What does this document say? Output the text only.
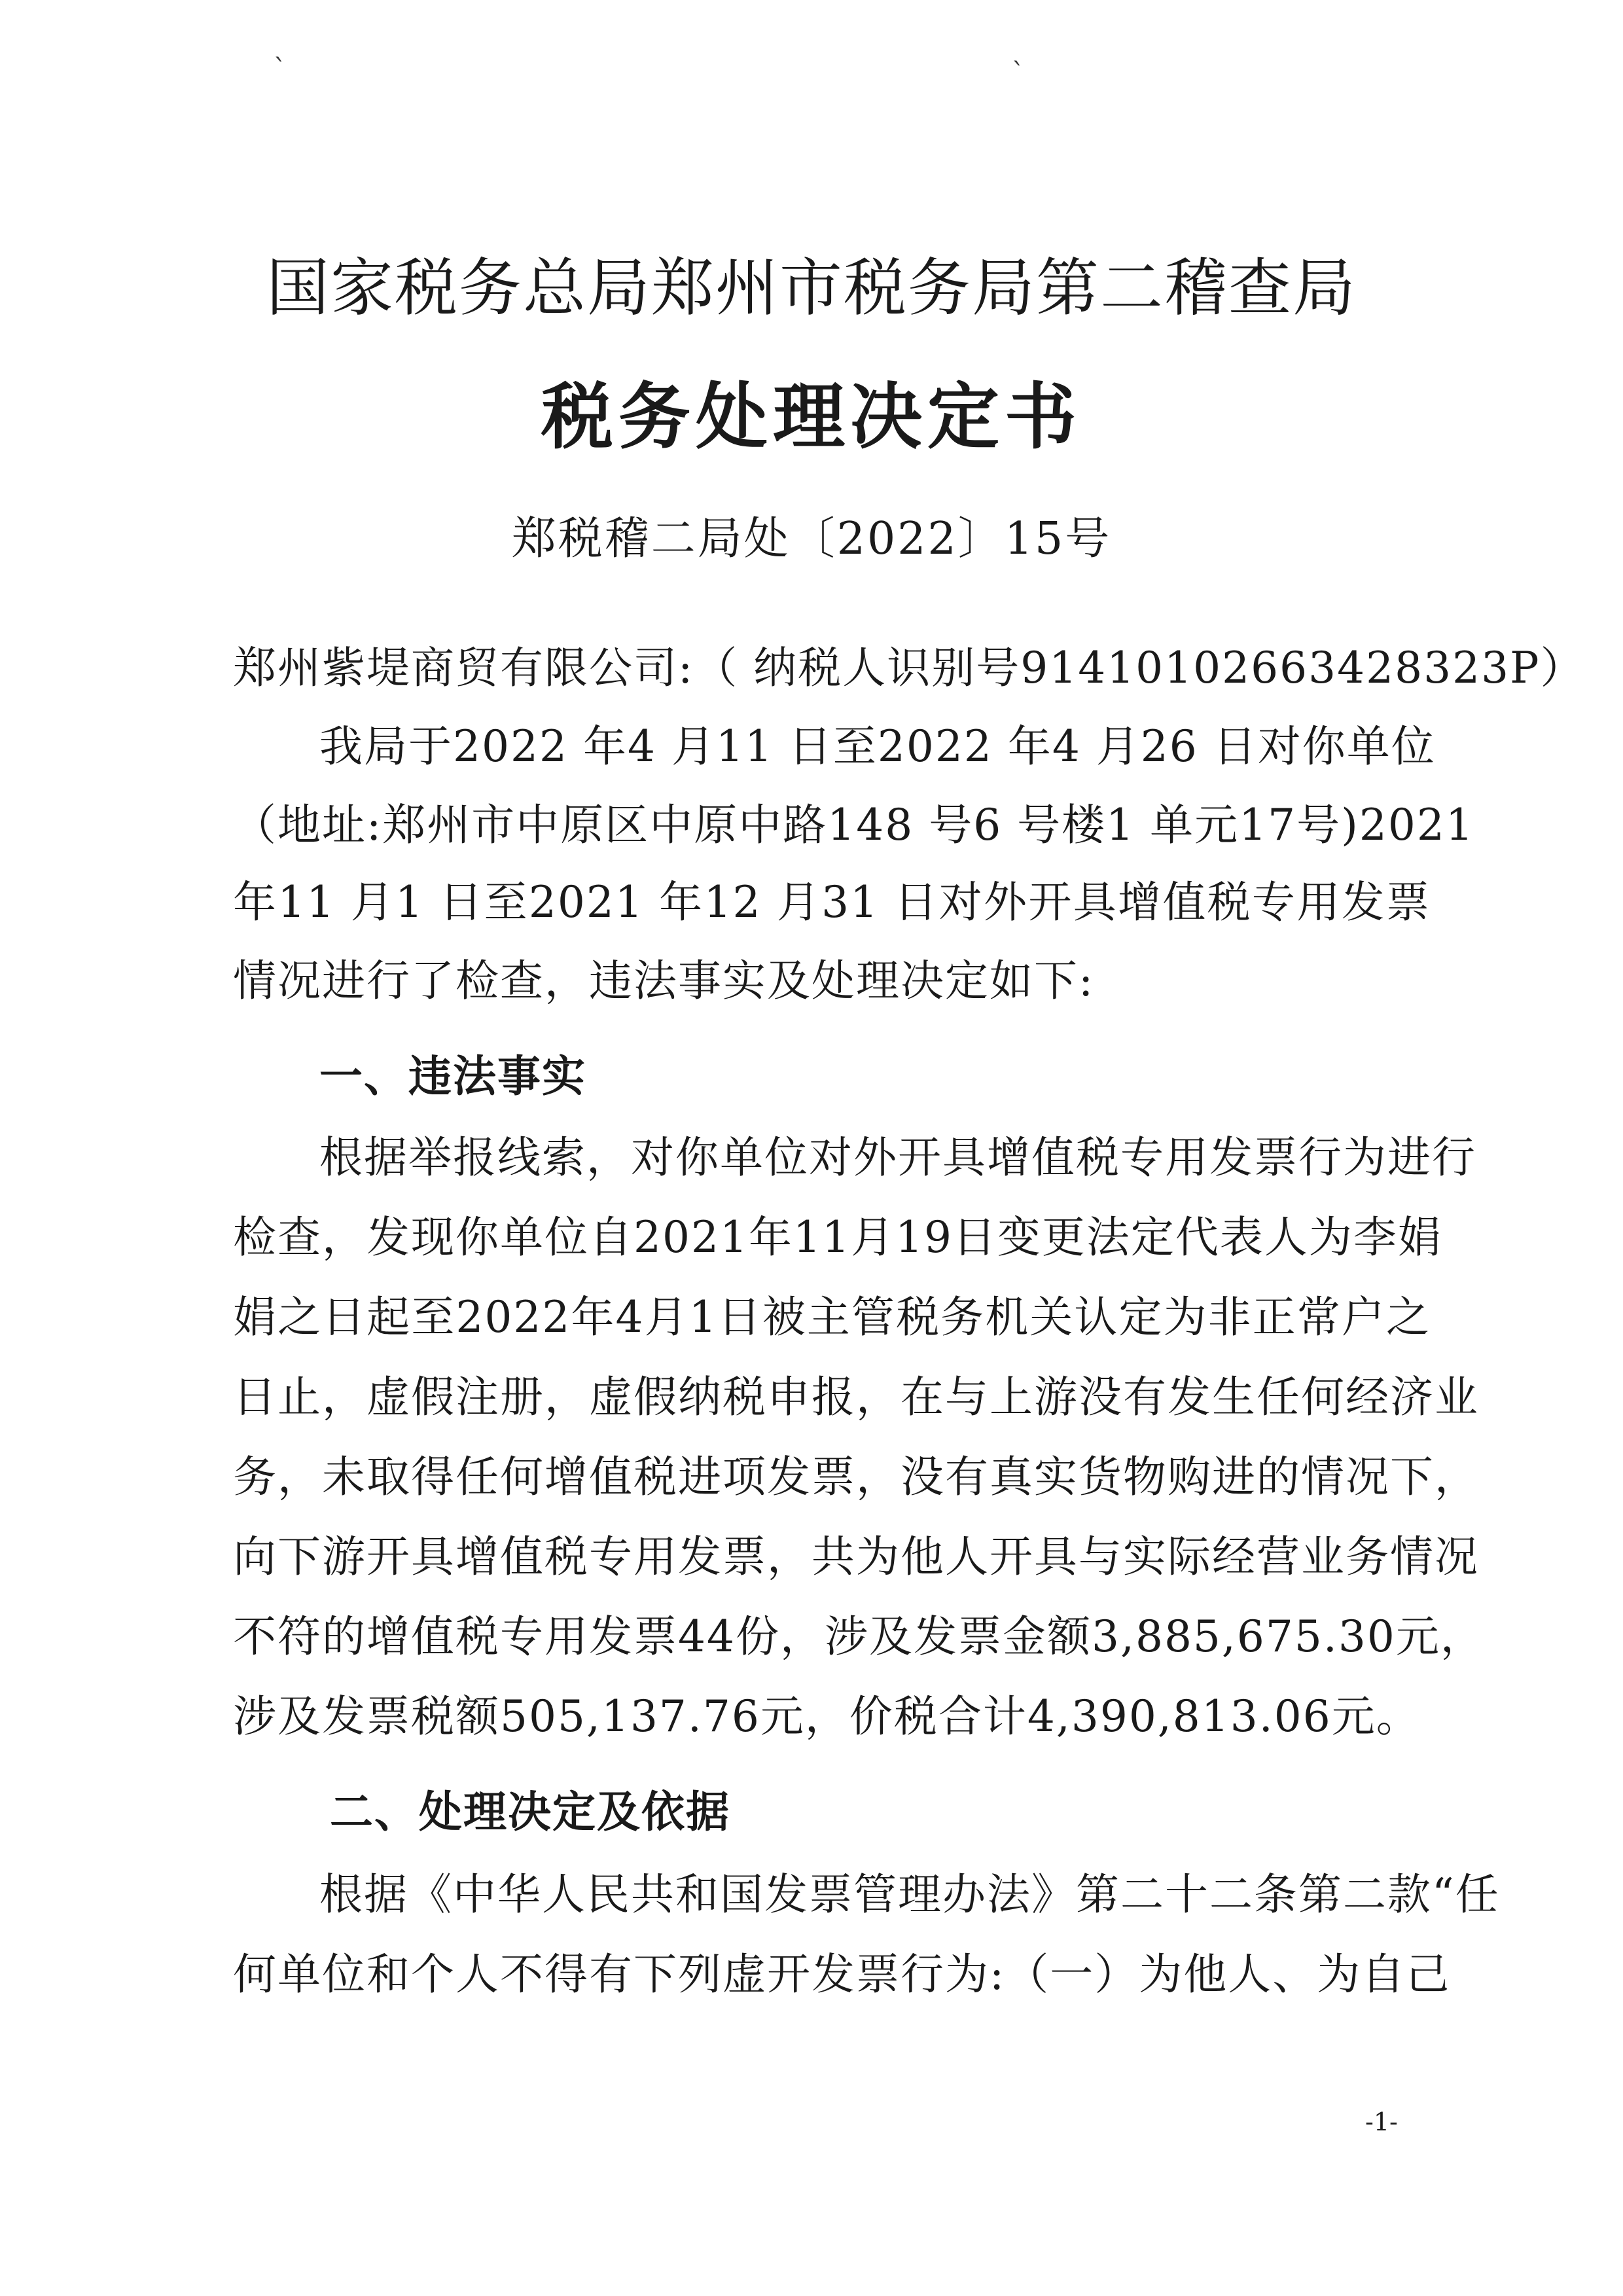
ˋ	ˋ
国家税务总局郑州市税务局第二稽查局
税务处理决定书
郑税稽二局处〔2022〕15号
郑州紫堤商贸有限公司:（ 纳税人识别号91410102663428323P）
我局于2022 年4 月11 日至2022 年4 月26 日对你单位
（地址:郑州市中原区中原中路148 号6 号楼1 单元17号)2021
年11 月1 日至2021 年12 月31 日对外开具增值税专用发票
情况进行了检查，违法事实及处理决定如下:
一、违法事实
根据举报线索，对你单位对外开具增值税专用发票行为进行
检查，发现你单位自2021年11月19日变更法定代表人为李娟
娟之日起至2022年4月1日被主管税务机关认定为非正常户之
日止，虚假注册，虚假纳税申报，在与上游没有发生任何经济业
务，未取得任何增值税进项发票，没有真实货物购进的情况下，
向下游开具增值税专用发票，共为他人开具与实际经营业务情况
不符的增值税专用发票44份，涉及发票金额3,885,675.30元，
涉及发票税额505,137.76元，价税合计4,390,813.06元。
二、处理决定及依据
根据《中华人民共和国发票管理办法》第二十二条第二款“任
何单位和个人不得有下列虚开发票行为:（一）为他人、为自己
-1-
